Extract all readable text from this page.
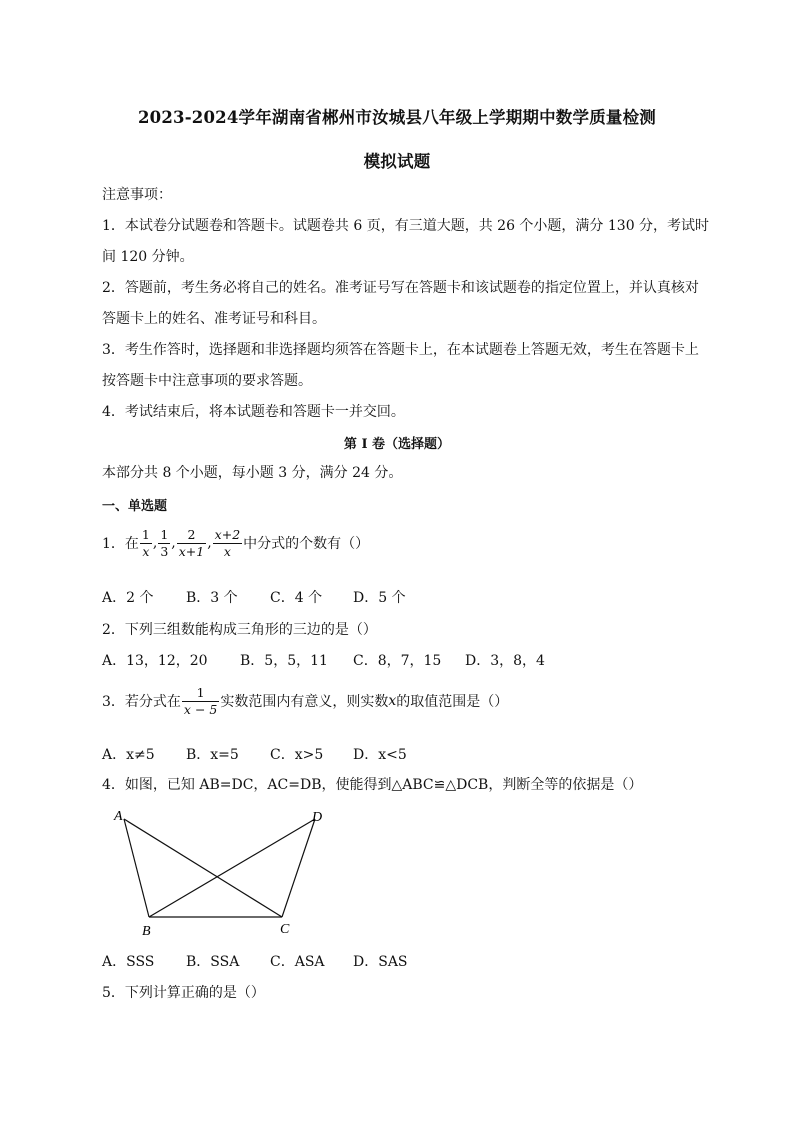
2023-2024学年湖南省郴州市汝城县八年级上学期期中数学质量检测
模拟试题
注意事项：
1．本试卷分试题卷和答题卡。试题卷共 6 页，有三道大题，共 26 个小题，满分 130 分，考试时
间 120 分钟。
2．答题前，考生务必将自己的姓名。准考证号写在答题卡和该试题卷的指定位置上，并认真核对
答题卡上的姓名、准考证号和科目。
3．考生作答时，选择题和非选择题均须答在答题卡上，在本试题卷上答题无效，考生在答题卡上
按答题卡中注意事项的要求答题。
4．考试结束后，将本试题卷和答题卡一并交回。
第 I 卷（选择题）
本部分共 8 个小题，每小题 3 分，满分 24 分。
一、单选题
1．在 $\frac{1}{x}$ , $\frac{1}{3}$ , $\frac{2}{x+1}$ , $\frac{x+2}{x}$ 中分式的个数有（）
A．2 个 B．3 个 C．4 个 D．5 个
2．下列三组数能构成三角形的三边的是（）
A．13，12，20 B．5，5，11 C．8，7，15 D．3，8，4
3．若分式在 $\frac{1}{x - 5}$ 实数范围内有意义，则实数 x 的取值范围是（）
A．x≠5 B．x=5 C．x>5 D．x<5
4．如图，已知 AB=DC，AC=DB，使能得到△ABC≌△DCB，判断全等的依据是（）
A
B	C
D
A．SSS B．SSA C．ASA D．SAS
5．下列计算正确的是（）
